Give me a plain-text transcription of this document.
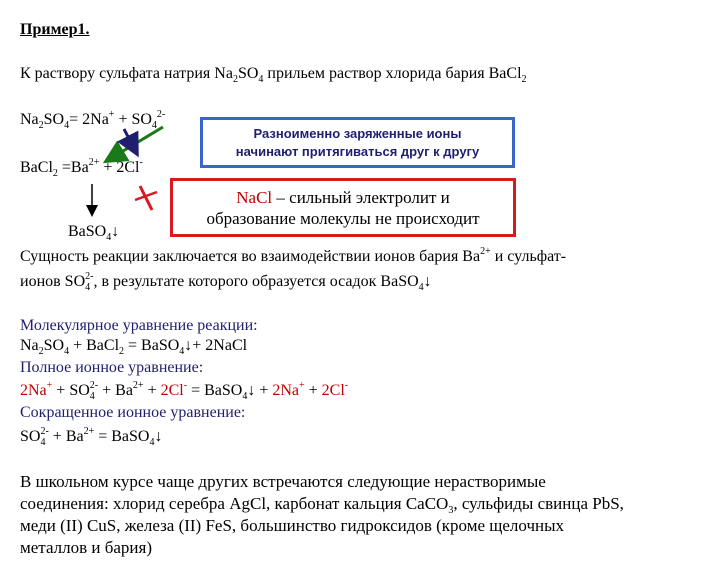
Пример1.
К раствору сульфата натрия $Na_2SO_4$ прильем раствор хлорида бария BaCl$_2$
$Na_2SO_4= 2Na^+ + SO_4^{2-}$
BaCl$_2$ $=Ba^{2+} + 2Cl^-$
BaSO$_4$↓
Разноименно заряженные ионы
начинают притягиваться друг к другу
NaCl – сильный электролит и
образование молекулы не происходит
Сущность реакции заключается во взаимодействии ионов бария $Ba^{2+}$ и сульфат-
ионов $SO_4^{2-}$, в результате которого образуется осадок BaSO$_4$↓
Молекулярное уравнение реакции:
$Na_2SO_4$ + BaCl$_2$ = BaSO$_4$↓+ 2NaCl
Полное ионное уравнение:
$2Na^+ + SO_4^{2-} + Ba^{2+} + 2Cl^-$ = BaSO$_4$↓ + 2Na+ + 2Cl-
Сокращенное ионное уравнение:
$SO_4^{2-} + Ba^{2+}$ = BaSO$_4$↓
В школьном курсе чаще других встречаются следующие нерастворимые
соединения: хлорид серебра AgCl, карбонат кальция CaCO$_3$, сульфиды свинца PbS,
меди (II) CuS, железа (II) FeS, большинство гидроксидов (кроме щелочных
металлов и бария)
